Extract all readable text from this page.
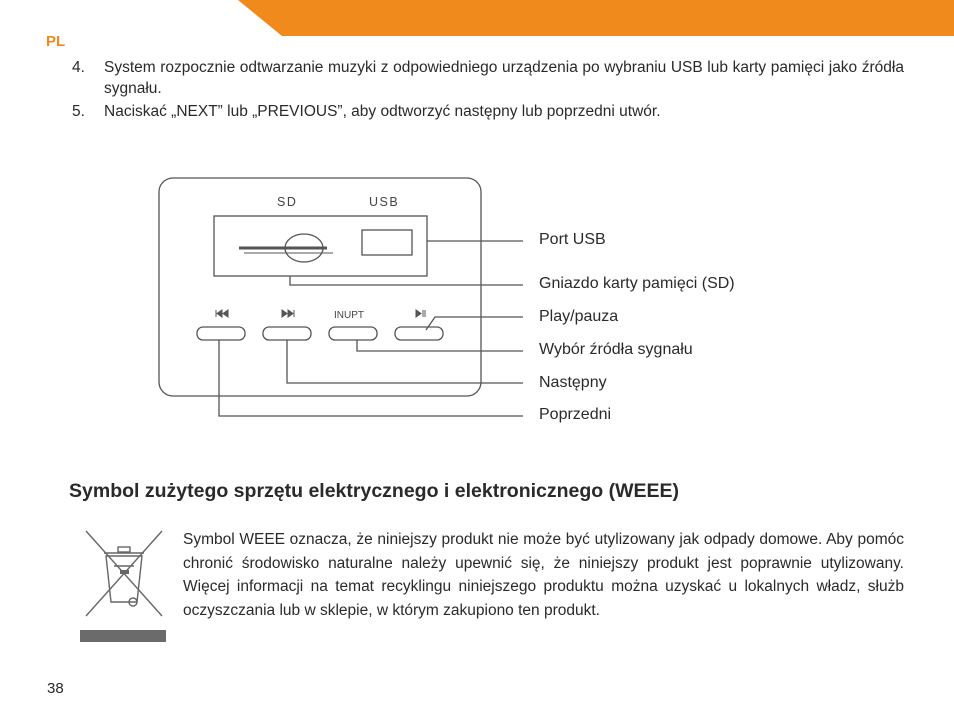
PL
4.	System rozpocznie odtwarzanie muzyki z odpowiedniego urządzenia po wybraniu USB lub karty pamięci jako źródła sygnału.
5.	Naciskać „NEXT” lub „PREVIOUS”, aby odtworzyć następny lub poprzedni utwór.
SD	USB
INUPT
Port USB
Gniazdo karty pamięci (SD)
Play/pauza
Wybór źródła sygnału
Następny
Poprzedni
Symbol zużytego sprzętu elektrycznego i elektronicznego (WEEE)
Symbol WEEE oznacza, że niniejszy produkt nie może być utylizowany jak odpady domowe. Aby pomóc chronić środowisko naturalne należy upewnić się, że niniejszy produkt jest poprawnie utylizowany. Więcej informacji na temat recyklingu niniejszego produktu można uzyskać u lokalnych władz, służb oczyszczania lub w sklepie, w którym zakupiono ten produkt.
38
